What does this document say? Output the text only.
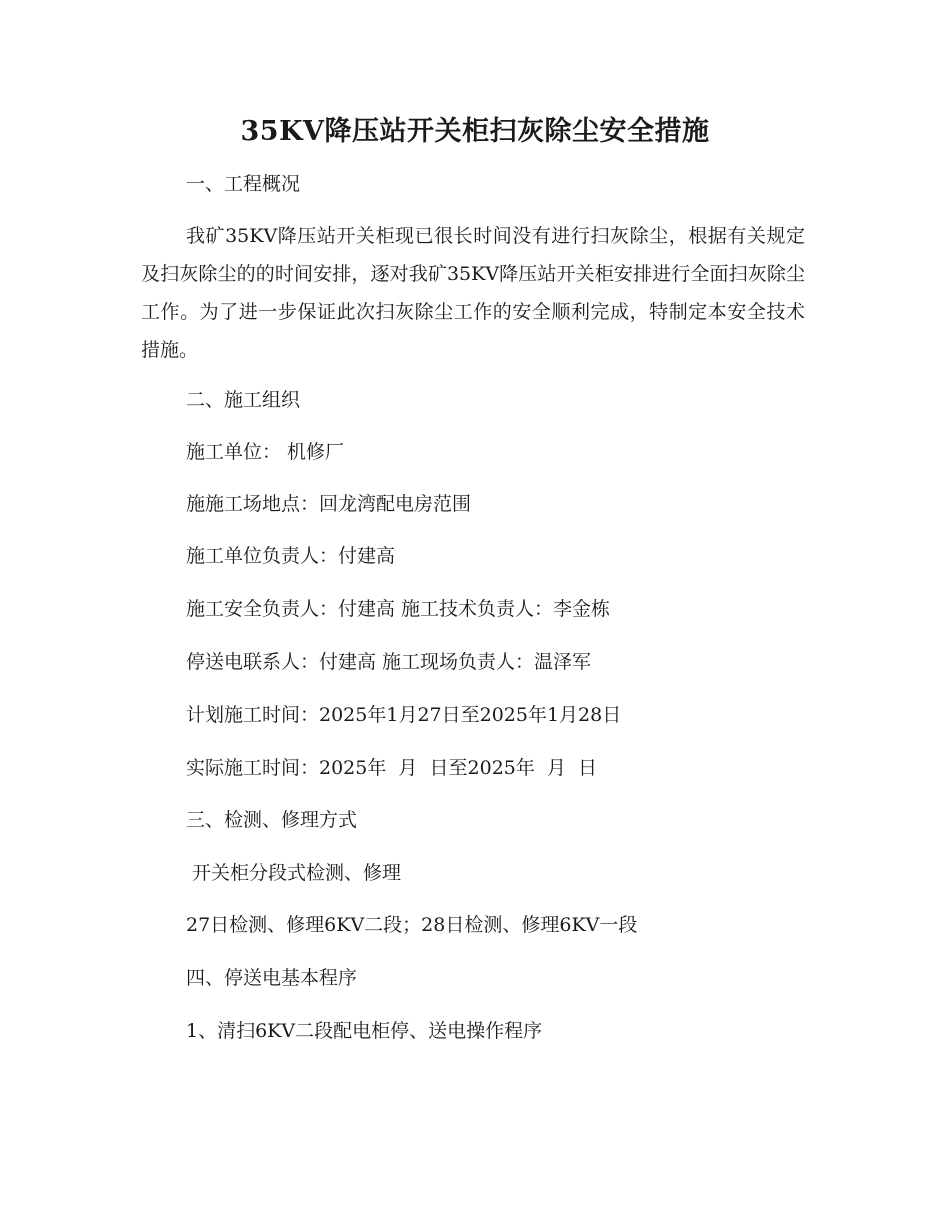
35KV降压站开关柜扫灰除尘安全措施
一、工程概况
我矿35KV降压站开关柜现已很长时间没有进行扫灰除尘，根据有关规定及扫灰除尘的的时间安排，逐对我矿35KV降压站开关柜安排进行全面扫灰除尘工作。为了进一步保证此次扫灰除尘工作的安全顺利完成，特制定本安全技术措施。
二、施工组织
施工单位： 机修厂
施施工场地点：回龙湾配电房范围
施工单位负责人：付建高
施工安全负责人：付建高 施工技术负责人：李金栋
停送电联系人：付建高 施工现场负责人：温泽军
计划施工时间：2025年1月27日至2025年1月28日
实际施工时间：2025年  月  日至2025年  月  日
三、检测、修理方式
开关柜分段式检测、修理
27日检测、修理6KV二段；28日检测、修理6KV一段
四、停送电基本程序
1、清扫6KV二段配电柜停、送电操作程序
